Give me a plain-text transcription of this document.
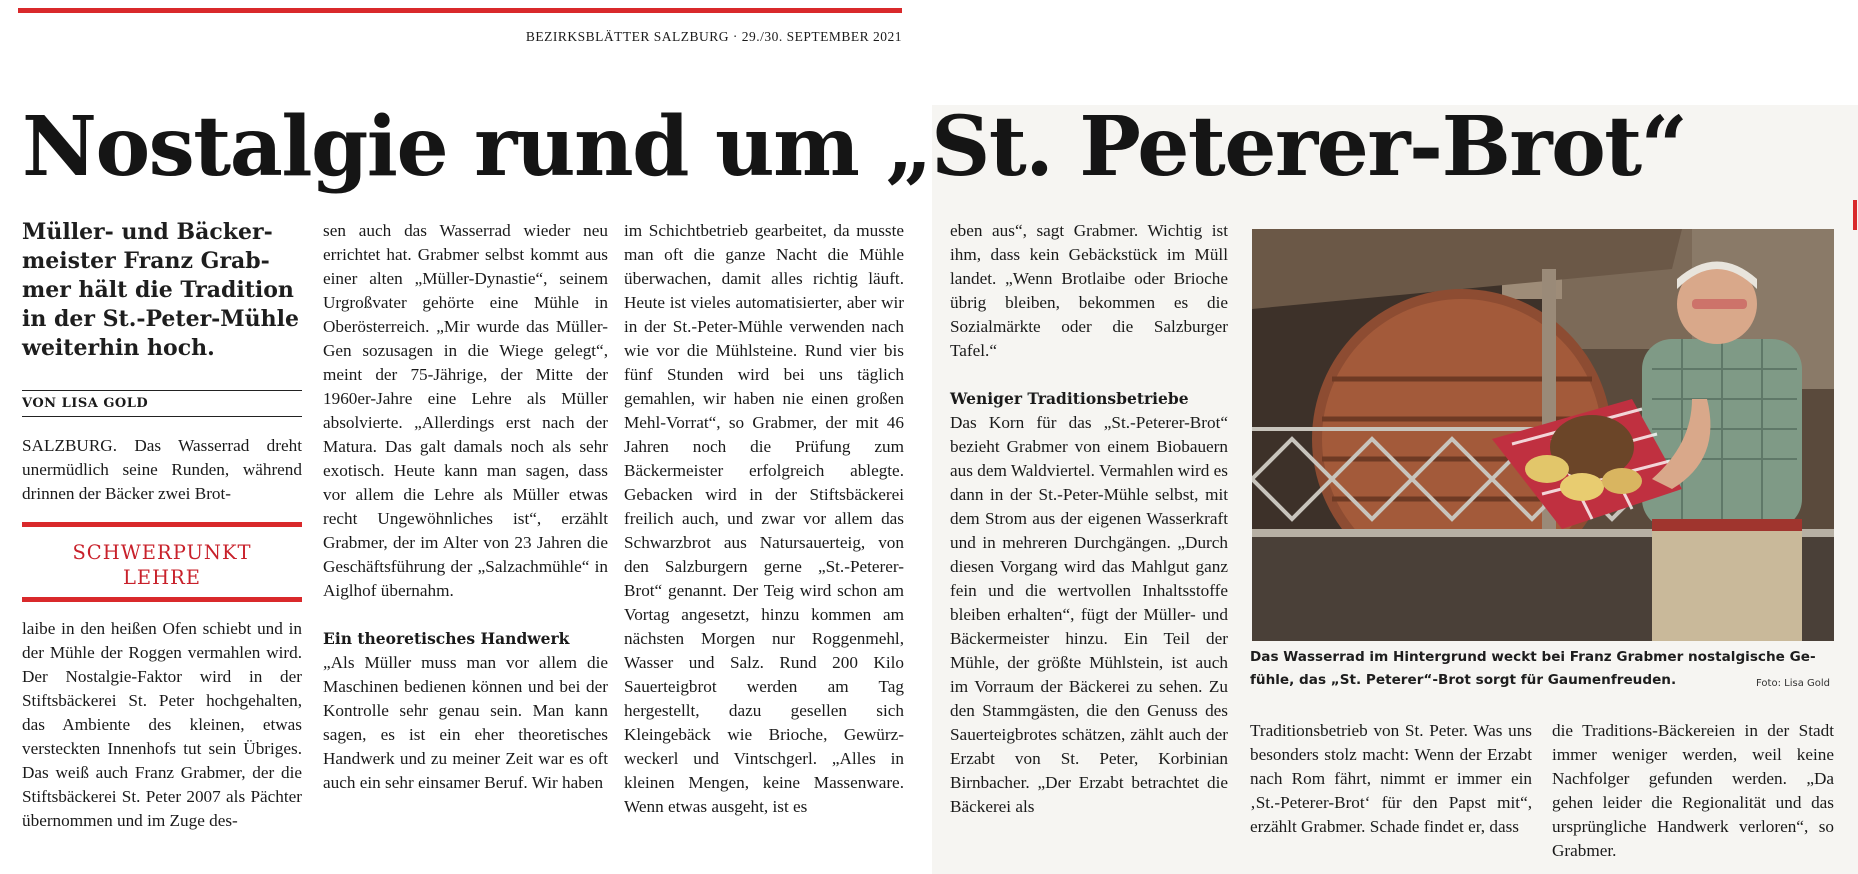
BEZIRKSBLÄTTER SALZBURG · 29./30. SEPTEMBER 2021
Nostalgie rund um „St. Peterer-Brot“
Müller- und Bäckermeister Franz Grabmer hält die Tradition in der St.-Peter-Mühle weiterhin hoch.
VON LISA GOLD

SALZBURG. Das Wasserrad dreht unermüdlich seine Runden, während drinnen der Bäcker zwei Brot-

SCHWERPUNKT
LEHRE

laibe in den heißen Ofen schiebt und in der Mühle der Roggen vermahlen wird. Der Nostalgie-Faktor wird in der Stiftsbäckerei St. Peter hochgehalten, das Ambiente des kleinen, etwas versteckten Innenhofs tut sein Übriges. Das weiß auch Franz Grabmer, der die Stiftsbäckerei St. Peter 2007 als Pächter übernommen und im Zuge des-

sen auch das Wasserrad wieder neu errichtet hat. Grabmer selbst kommt aus einer alten „Müller-Dynastie“, seinem Urgroßvater gehörte eine Mühle in Oberösterreich. „Mir wurde das Müller-Gen sozusagen in die Wiege gelegt“, meint der 75-Jährige, der Mitte der 1960er-Jahre eine Lehre als Müller absolvierte. „Allerdings erst nach der Matura. Das galt damals noch als sehr exotisch. Heute kann man sagen, dass vor allem die Lehre als Müller etwas recht Ungewöhnliches ist“, erzählt Grabmer, der im Alter von 23 Jahren die Geschäftsführung der „Salzachmühle“ in Aiglhof übernahm.

Ein theoretisches Handwerk

„Als Müller muss man vor allem die Maschinen bedienen können und bei der Kontrolle sehr genau sein. Man kann sagen, es ist ein eher theoretisches Handwerk und zu meiner Zeit war es oft auch ein sehr einsamer Beruf. Wir haben

im Schichtbetrieb gearbeitet, da musste man oft die ganze Nacht die Mühle überwachen, damit alles richtig läuft. Heute ist vieles automatisierter, aber wir in der St.-Peter-Mühle verwenden nach wie vor die Mühlsteine. Rund vier bis fünf Stunden wird bei uns täglich gemahlen, wir haben nie einen großen Mehl-Vorrat“, so Grabmer, der mit 46 Jahren noch die Prüfung zum Bäckermeister erfolgreich ablegte. Gebacken wird in der Stiftsbäckerei freilich auch, und zwar vor allem das Schwarzbrot aus Natursauerteig, von den Salzburgern gerne „St.-Peterer-Brot“ genannt. Der Teig wird schon am Vortag angesetzt, hinzu kommen am nächsten Morgen nur Roggenmehl, Wasser und Salz. Rund 200 Kilo Sauerteigbrot werden am Tag hergestellt, dazu gesellen sich Kleingebäck wie Brioche, Gewürzweckerl und Vintschgerl. „Alles in kleinen Mengen, keine Massenware. Wenn etwas ausgeht, ist es

eben aus“, sagt Grabmer. Wichtig ist ihm, dass kein Gebäckstück im Müll landet. „Wenn Brotlaibe oder Brioche übrig bleiben, bekommen es die Sozialmärkte oder die Salzburger Tafel.“

Weniger Traditionsbetriebe

Das Korn für das „St.-Peterer-Brot“ bezieht Grabmer von einem Biobauern aus dem Waldviertel. Vermahlen wird es dann in der St.-Peter-Mühle selbst, mit dem Strom aus der eigenen Wasserkraft und in mehreren Durchgängen. „Durch diesen Vorgang wird das Mahlgut ganz fein und die wertvollen Inhaltsstoffe bleiben erhalten“, fügt der Müller- und Bäckermeister hinzu. Ein Teil der Mühle, der größte Mühlstein, ist auch im Vorraum der Bäckerei zu sehen. Zu den Stammgästen, die den Genuss des Sauerteigbrotes schätzen, zählt auch der Erzabt von St. Peter, Korbinian Birnbacher. „Der Erzabt betrachtet die Bäckerei als

Das Wasserrad im Hintergrund weckt bei Franz Grabmer nostalgische Gefühle, das „St. Peterer“-Brot sorgt für Gaumenfreuden.	Foto: Lisa Gold

Traditionsbetrieb von St. Peter. Was uns besonders stolz macht: Wenn der Erzabt nach Rom fährt, nimmt er immer ein ‚St.-Peterer-Brot‘ für den Papst mit“, erzählt Grabmer. Schade findet er, dass

die Traditions-Bäckereien in der Stadt immer weniger werden, weil keine Nachfolger gefunden werden. „Da gehen leider die Regionalität und das ursprüngliche Handwerk verloren“, so Grabmer.
